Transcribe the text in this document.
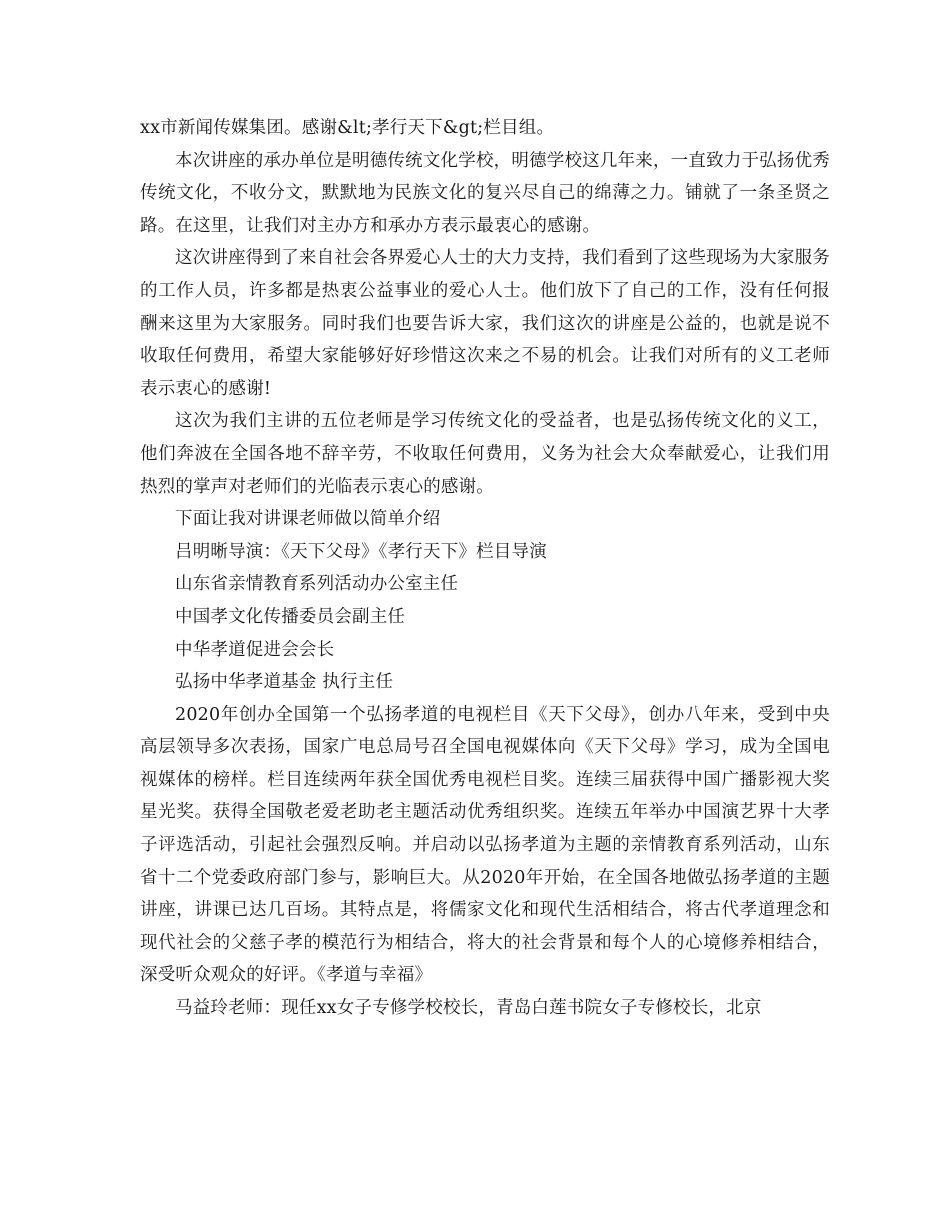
xx市新闻传媒集团。感谢&lt;孝行天下&gt;栏目组。

本次讲座的承办单位是明德传统文化学校，明德学校这几年来，一直致力于弘扬优秀传统文化，不收分文，默默地为民族文化的复兴尽自己的绵薄之力。铺就了一条圣贤之路。在这里，让我们对主办方和承办方表示最衷心的感谢。

这次讲座得到了来自社会各界爱心人士的大力支持，我们看到了这些现场为大家服务的工作人员，许多都是热衷公益事业的爱心人士。他们放下了自己的工作，没有任何报酬来这里为大家服务。同时我们也要告诉大家，我们这次的讲座是公益的，也就是说不收取任何费用，希望大家能够好好珍惜这次来之不易的机会。让我们对所有的义工老师表示衷心的感谢!

这次为我们主讲的五位老师是学习传统文化的受益者，也是弘扬传统文化的义工， 他们奔波在全国各地不辞辛劳，不收取任何费用，义务为社会大众奉献爱心，让我们用热烈的掌声对老师们的光临表示衷心的感谢。

下面让我对讲课老师做以简单介绍

吕明晰导演：《天下父母》《孝行天下》栏目导演

山东省亲情教育系列活动办公室主任

中国孝文化传播委员会副主任

中华孝道促进会会长

弘扬中华孝道基金 执行主任

2020年创办全国第一个弘扬孝道的电视栏目《天下父母》，创办八年来，受到中央高层领导多次表扬，国家广电总局号召全国电视媒体向《天下父母》学习，成为全国电视媒体的榜样。栏目连续两年获全国优秀电视栏目奖。连续三届获得中国广播影视大奖星光奖。获得全国敬老爱老助老主题活动优秀组织奖。连续五年举办中国演艺界十大孝子评选活动，引起社会强烈反响。并启动以弘扬孝道为主题的亲情教育系列活动，山东省十二个党委政府部门参与，影响巨大。从2020年开始，在全国各地做弘扬孝道的主题讲座，讲课已达几百场。其特点是，将儒家文化和现代生活相结合，将古代孝道理念和现代社会的父慈子孝的模范行为相结合，将大的社会背景和每个人的心境修养相结合，深受听众观众的好评。《孝道与幸福》

马益玲老师：现任xx女子专修学校校长，青岛白莲书院女子专修校长，北京
